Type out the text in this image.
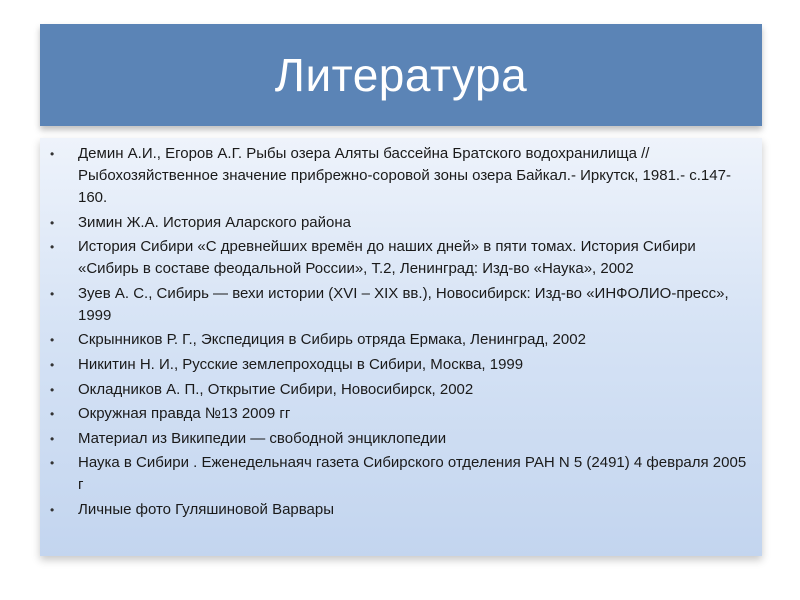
Литература
• Демин А.И., Егоров А.Г. Рыбы озера Аляты бассейна Братского водохранилища // Рыбохозяйственное значение прибрежно-соровой зоны озера Байкал.- Иркутск, 1981.- с.147-160.
• Зимин Ж.А. История Аларского района
• История Сибири «С древнейших времён до наших дней» в пяти томах. История Сибири «Сибирь в составе феодальной России», Т.2, Ленинград: Изд-во «Наука», 2002
• Зуев А. С., Сибирь — вехи истории (XVI – XIX вв.), Новосибирск: Изд-во «ИНФОЛИО-пресс», 1999
• Скрынников Р. Г., Экспедиция в Сибирь отряда Ермака, Ленинград, 2002
• Никитин Н. И., Русские землепроходцы в Сибири, Москва, 1999
• Окладников А. П., Открытие Сибири, Новосибирск, 2002
• Окружная правда №13 2009 гг
• Материал из Википедии — свободной энциклопедии
• Наука в Сибири . Еженедельнаяч газета Сибирского отделения РАН N 5 (2491) 4 февраля 2005 г
• Личные фото Гуляшиновой Варвары
